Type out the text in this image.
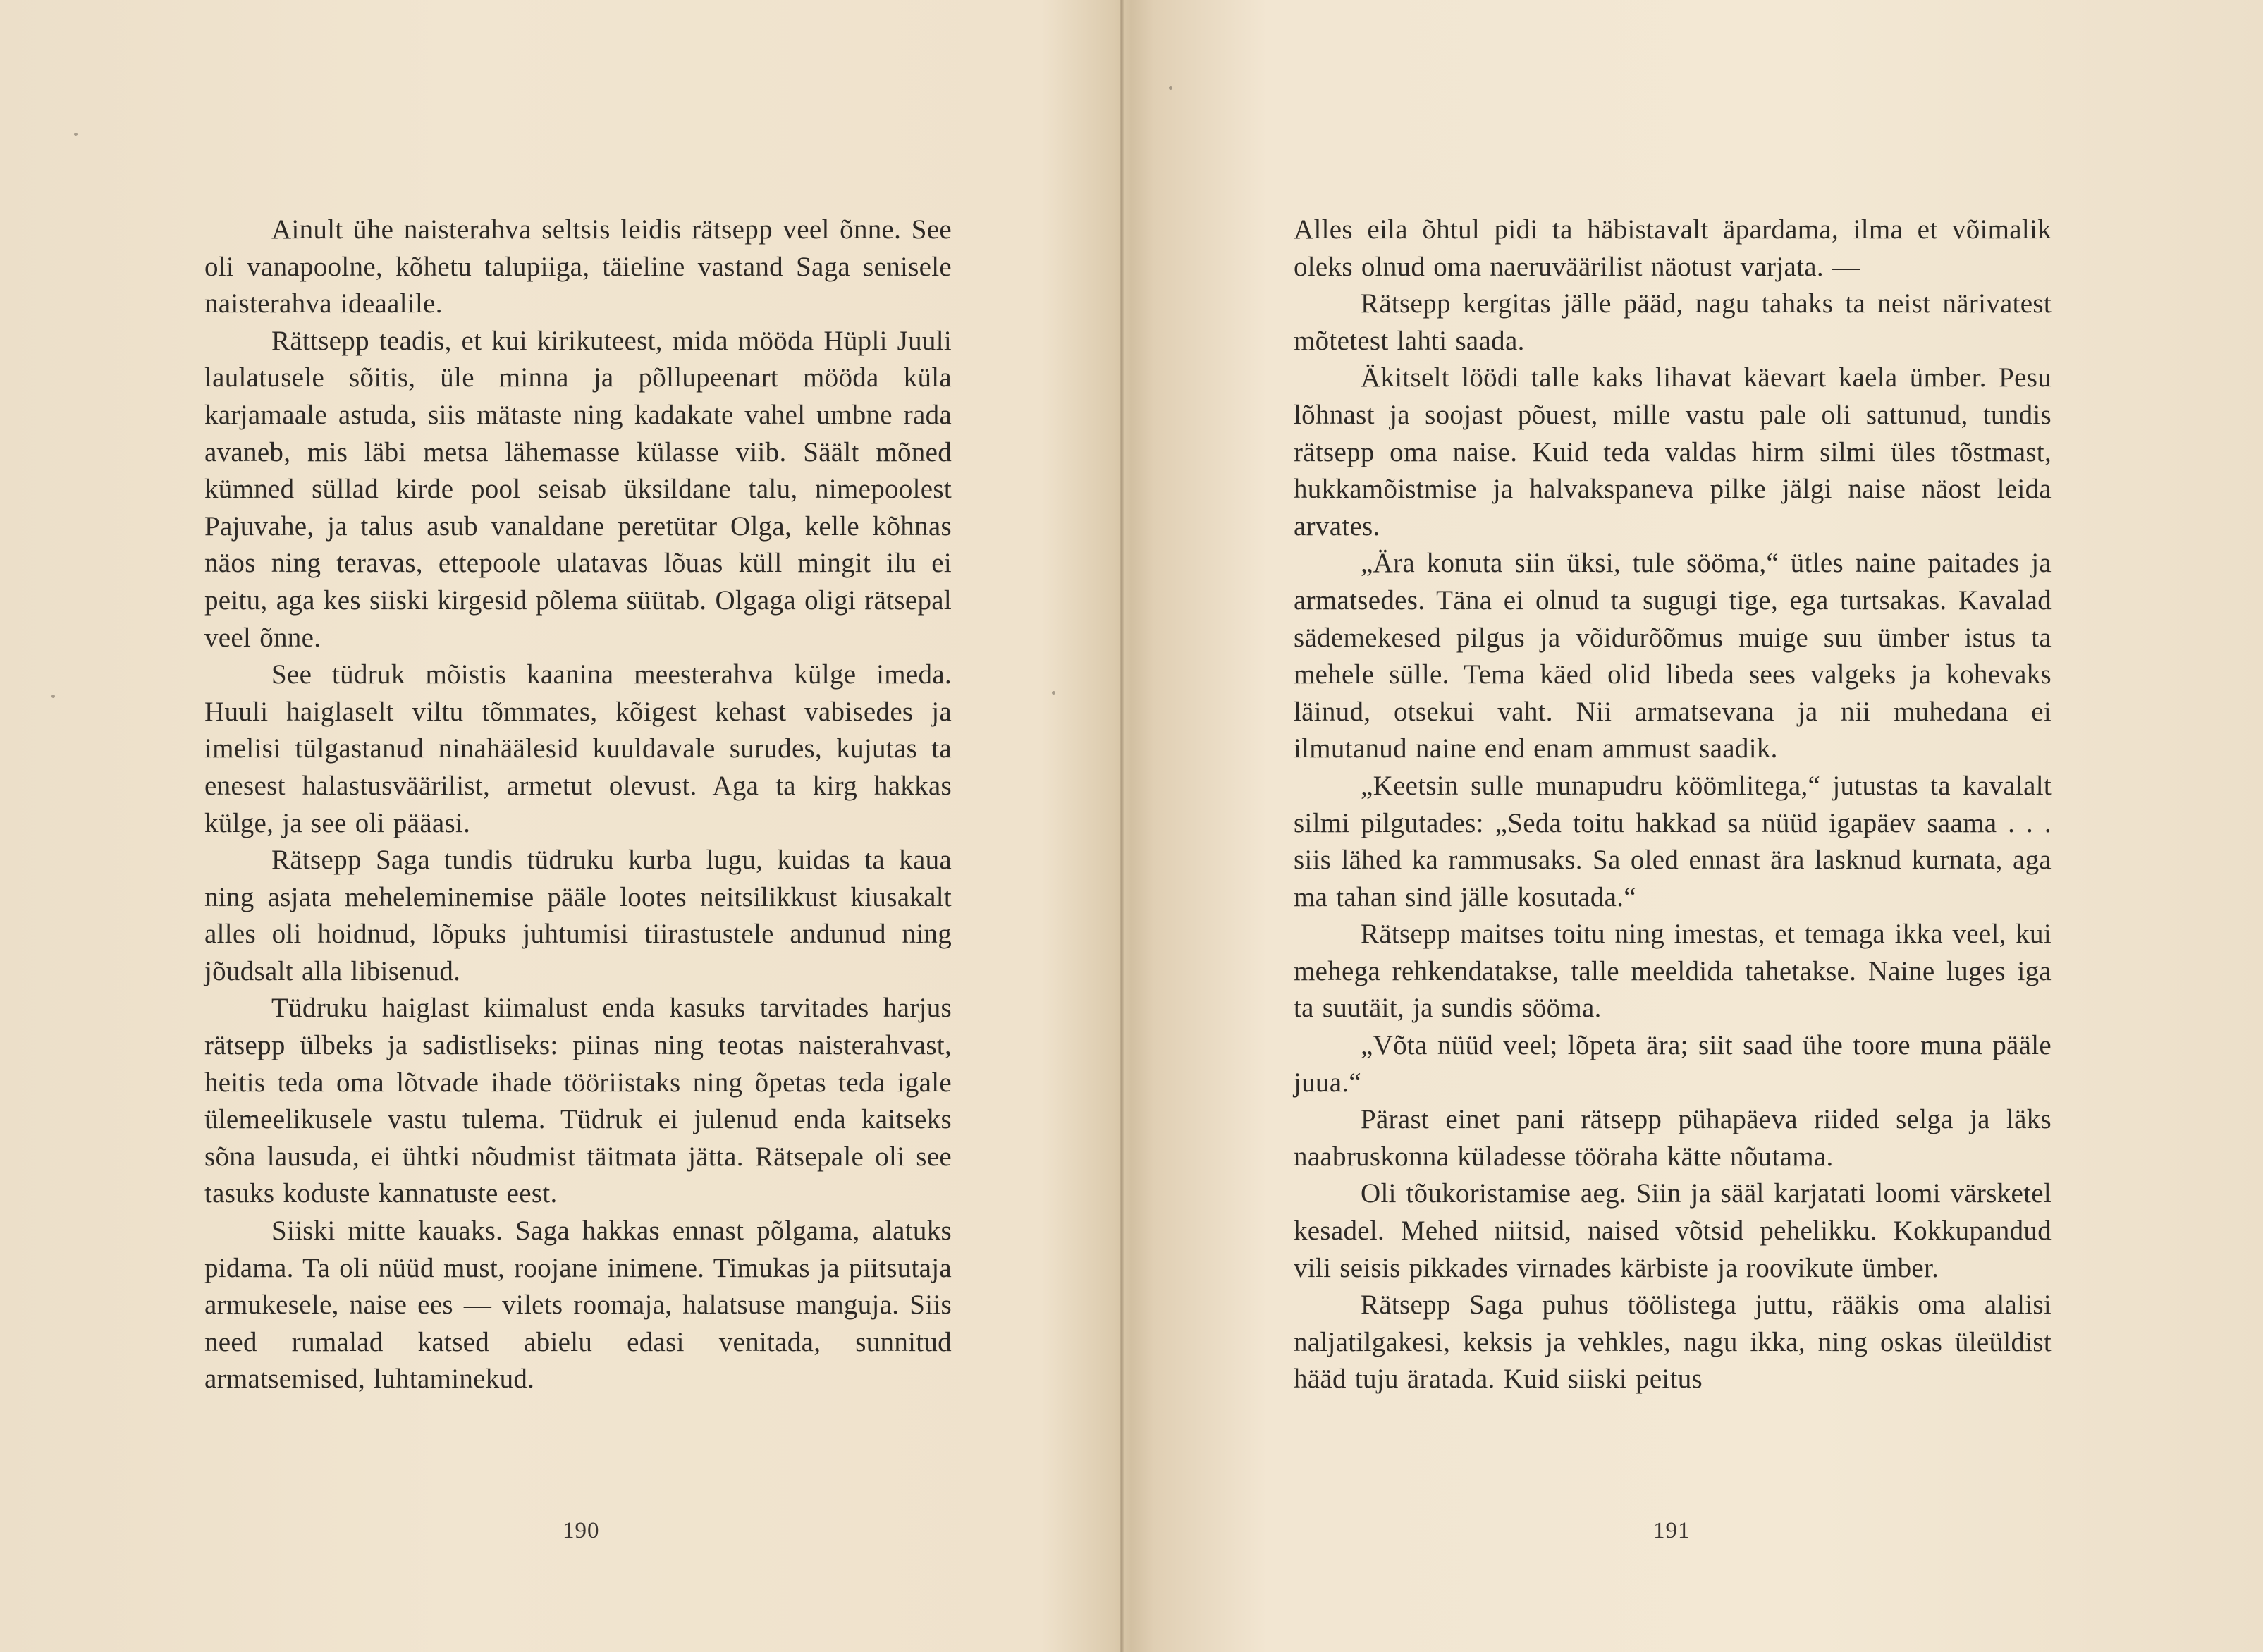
Ainult ühe naisterahva seltsis leidis rätsepp veel õnne. See oli vanapoolne, kõhetu talupiiga, täieline vastand Saga senisele naisterahva ideaalile.

Rättsepp teadis, et kui kirikuteest, mida mööda Hüpli Juuli laulatusele sõitis, üle minna ja põllupeenart mööda küla karjamaale astuda, siis mätaste ning kadakate vahel umbne rada avaneb, mis läbi metsa lähemasse külasse viib. Säält mõned kümned süllad kirde pool seisab üksildane talu, nimepoolest Pajuvahe, ja talus asub vanaldane peretütar Olga, kelle kõhnas näos ning teravas, ettepoole ulatavas lõuas küll mingit ilu ei peitu, aga kes siiski kirgesid põlema süütab. Olgaga oligi rätsepal veel õnne.

See tüdruk mõistis kaanina meesterahva külge imeda. Huuli haiglaselt viltu tõmmates, kõigest kehast vabisedes ja imelisi tülgastanud ninahäälesid kuuldavale surudes, kujutas ta enesest halastusväärilist, armetut olevust. Aga ta kirg hakkas külge, ja see oli pääasi.

Rätsepp Saga tundis tüdruku kurba lugu, kuidas ta kaua ning asjata meheleminemise pääle lootes neitsilikkust kiusakalt alles oli hoidnud, lõpuks juhtumisi tiirastustele andunud ning jõudsalt alla libisenud.

Tüdruku haiglast kiimalust enda kasuks tarvitades harjus rätsepp ülbeks ja sadistliseks: piinas ning teotas naisterahvast, heitis teda oma lõtvade ihade tööriistaks ning õpetas teda igale ülemeelikusele vastu tulema. Tüdruk ei julenud enda kaitseks sõna lausuda, ei ühtki nõudmist täitmata jätta. Rätsepale oli see tasuks koduste kannatuste eest.

Siiski mitte kauaks. Saga hakkas ennast põlgama, alatuks pidama. Ta oli nüüd must, roojane inimene. Timukas ja piitsutaja armukesele, naise ees — vilets roomaja, halatsuse manguja. Siis need rumalad katsed abielu edasi venitada, sunnitud armatsemised, luhtaminekud.

190

Alles eila õhtul pidi ta häbistavalt äpardama, ilma et võimalik oleks olnud oma naeruväärilist näotust varjata. —

Rätsepp kergitas jälle pääd, nagu tahaks ta neist närivatest mõtetest lahti saada.

Äkitselt löödi talle kaks lihavat käevart kaela ümber. Pesu lõhnast ja soojast põuest, mille vastu pale oli sattunud, tundis rätsepp oma naise. Kuid teda valdas hirm silmi üles tõstmast, hukkamõistmise ja halvakspaneva pilke jälgi naise näost leida arvates.

„Ära konuta siin üksi, tule sööma,“ ütles naine paitades ja armatsedes. Täna ei olnud ta sugugi tige, ega turtsakas. Kavalad sädemekesed pilgus ja võidurõõmus muige suu ümber istus ta mehele sülle. Tema käed olid libeda sees valgeks ja kohevaks läinud, otsekui vaht. Nii armatsevana ja nii muhedana ei ilmutanud naine end enam ammust saadik.

„Keetsin sulle munapudru köömlitega,“ jutustas ta kavalalt silmi pilgutades: „Seda toitu hakkad sa nüüd igapäev saama . . . siis lähed ka rammusaks. Sa oled ennast ära lasknud kurnata, aga ma tahan sind jälle kosutada.“

Rätsepp maitses toitu ning imestas, et temaga ikka veel, kui mehega rehkendatakse, talle meeldida tahetakse. Naine luges iga ta suutäit, ja sundis sööma.

„Võta nüüd veel; lõpeta ära; siit saad ühe toore muna pääle juua.“

Pärast einet pani rätsepp pühapäeva riided selga ja läks naabruskonna küladesse tööraha kätte nõutama.

Oli tõukoristamise aeg. Siin ja sääl karjatati loomi värsketel kesadel. Mehed niitsid, naised võtsid pehelikku. Kokkupandud vili seisis pikkades virnades kärbiste ja roovikute ümber.

Rätsepp Saga puhus töölistega juttu, rääkis oma alalisi naljatilgakesi, keksis ja vehkles, nagu ikka, ning oskas üleüldist hääd tuju äratada. Kuid siiski peitus

191
